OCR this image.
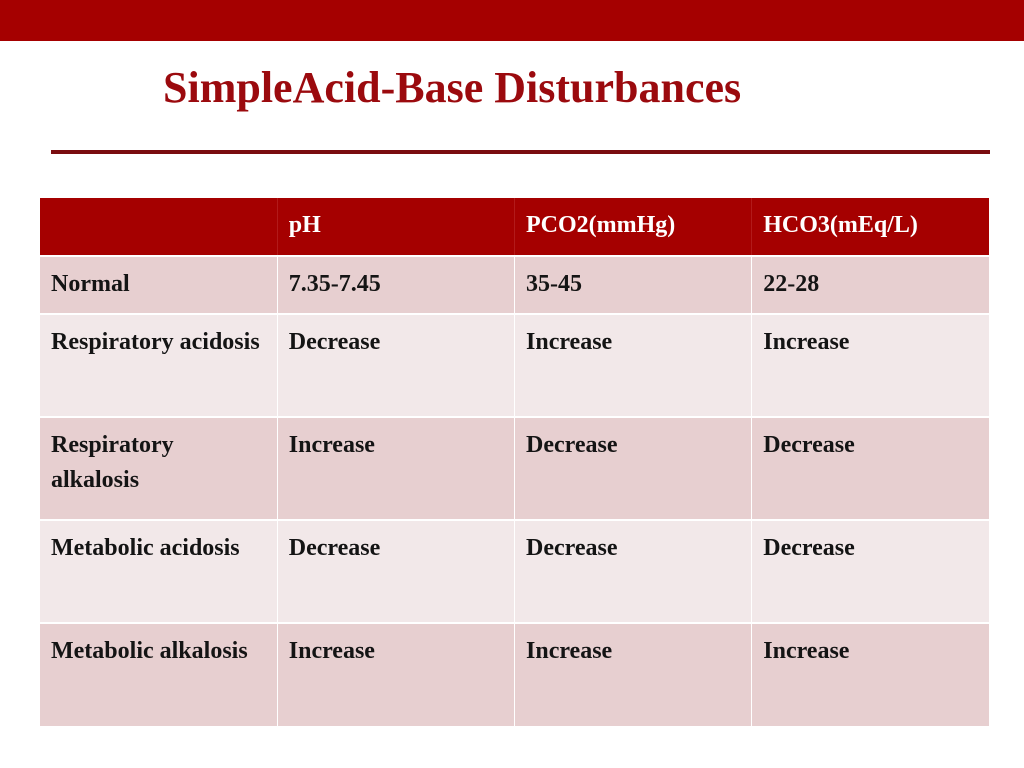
SimpleAcid-Base Disturbances
	pH	PCO2(mmHg)	HCO3(mEq/L)
Normal	7.35-7.45	35-45	22-28
Respiratory acidosis	Decrease	Increase	Increase
Respiratory alkalosis	Increase	Decrease	Decrease
Metabolic acidosis	Decrease	Decrease	Decrease
Metabolic alkalosis	Increase	Increase	Increase
